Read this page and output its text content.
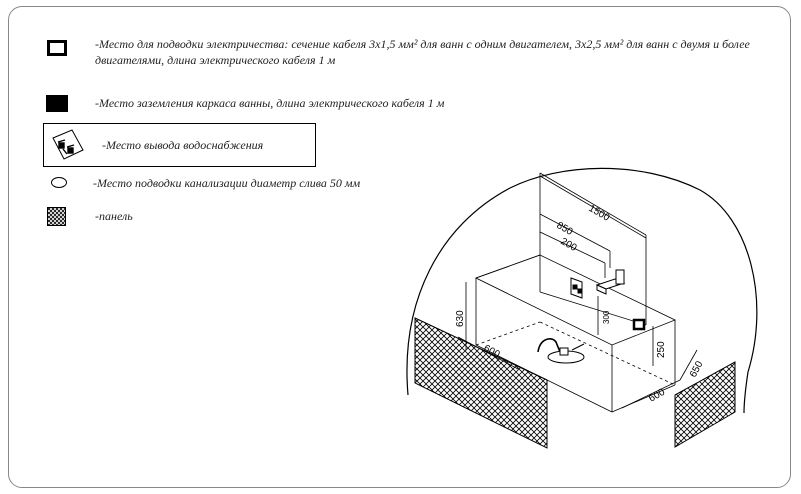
-Место для подводки электричества: сечение кабеля 3х1,5 мм² для ванн с одним двигателем, 3х2,5 мм² для ванн с двумя и более двигателями, длина электрического кабеля 1 м
-Место заземления каркаса ванны, длина электрического кабеля 1 м
-Место вывода водоснабжения
-Место подводки канализации диаметр слива 50 мм
-панель	1500
850
200
630
600
300
250
600
650
